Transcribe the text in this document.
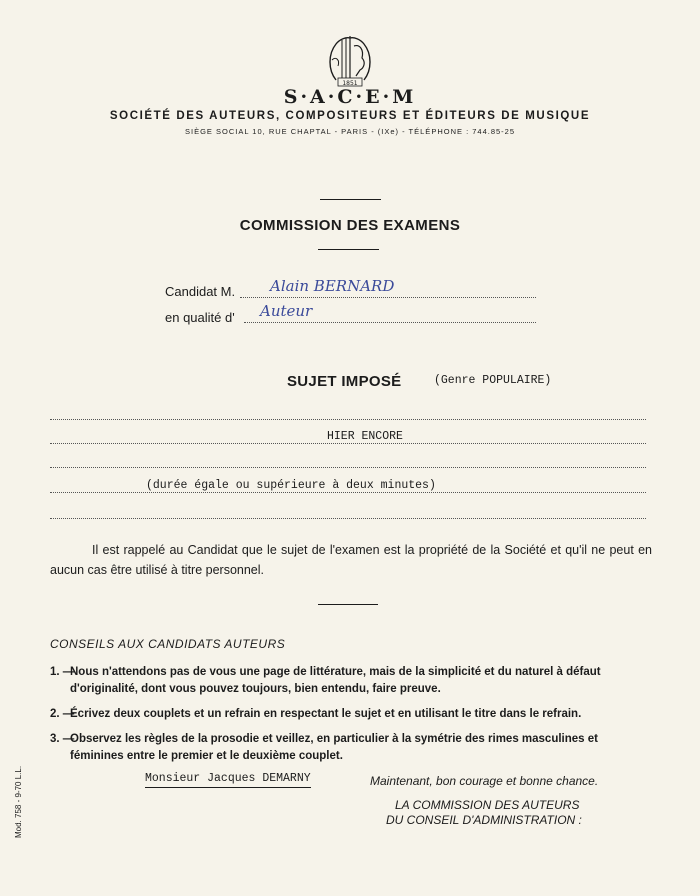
1851
S·A·C·E·M
SOCIÉTÉ DES AUTEURS, COMPOSITEURS ET ÉDITEURS DE MUSIQUE
SIÈGE SOCIAL 10, RUE CHAPTAL - PARIS - (IXe) - TÉLÉPHONE : 744.85-25
COMMISSION DES EXAMENS
Candidat M. Alain BERNARD
en qualité d' Auteur
SUJET IMPOSÉ	(Genre POPULAIRE)
HIER ENCORE
(durée égale ou supérieure à deux minutes)
Il est rappelé au Candidat que le sujet de l'examen est la propriété de la Société et qu'il ne peut en aucun cas être utilisé à titre personnel.
CONSEILS AUX CANDIDATS AUTEURS
1. —
Nous n'attendons pas de vous une page de littérature, mais de la simplicité et du naturel à défaut d'originalité, dont vous pouvez toujours, bien entendu, faire preuve.
2. —
Écrivez deux couplets et un refrain en respectant le sujet et en utilisant le titre dans le refrain.
3. —
Observez les règles de la prosodie et veillez, en particulier à la symétrie des rimes masculines et féminines entre le premier et le deuxième couplet.
Monsieur Jacques DEMARNY	Maintenant, bon courage et bonne chance.
LA COMMISSION DES AUTEURS
DU CONSEIL D'ADMINISTRATION :
Mod. 758 - 9-70 L.L.
